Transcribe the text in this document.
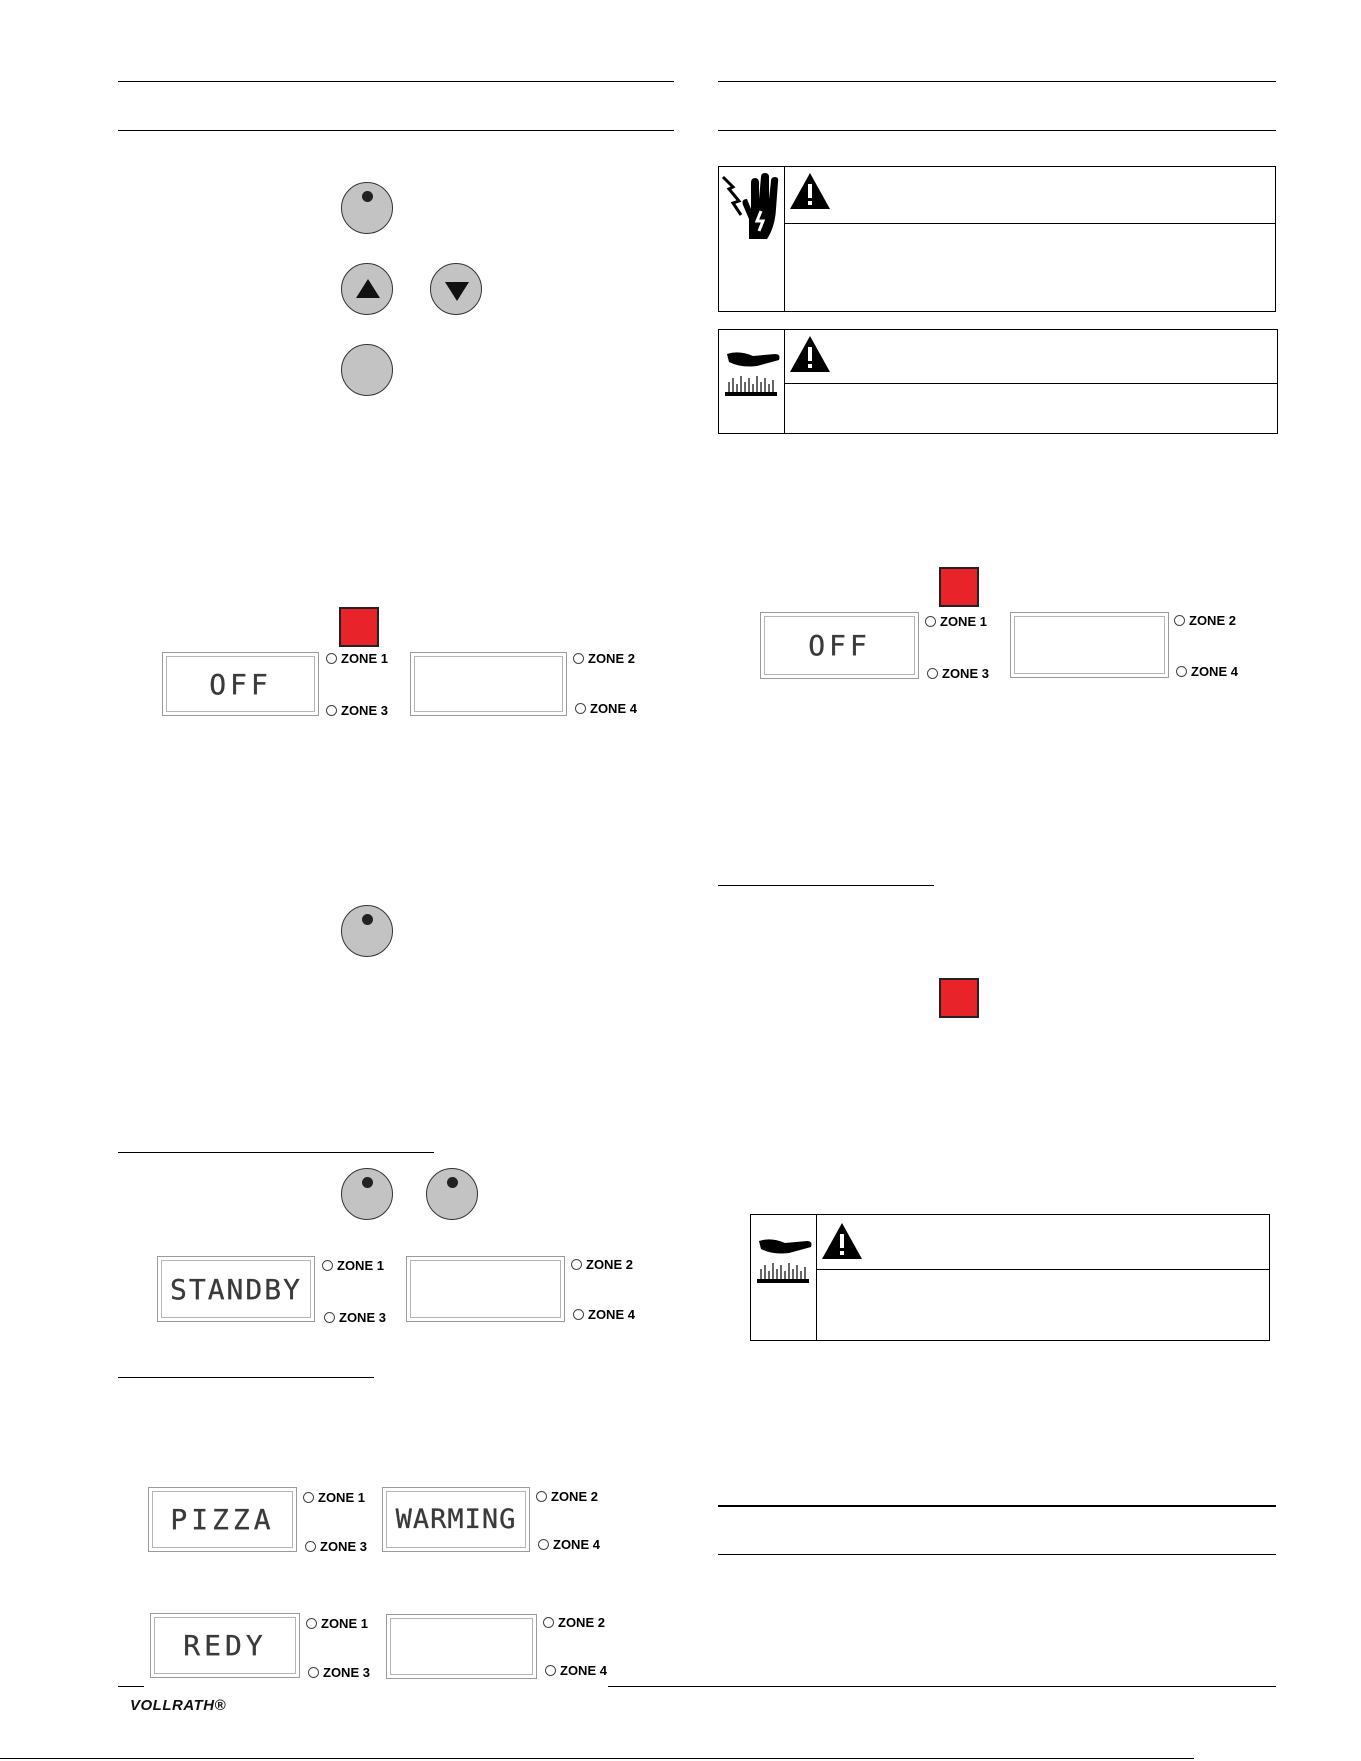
OFF
ZONE 1
ZONE 3
ZONE 2
ZONE 4
STANDBY
ZONE 1
ZONE 3
ZONE 2
ZONE 4
PIZZA
ZONE 1
ZONE 3
WARMING
ZONE 2
ZONE 4
REDY
ZONE 1
ZONE 3
ZONE 2
ZONE 4
OFF
ZONE 1
ZONE 3
ZONE 2
ZONE 4
VOLLRATH®
